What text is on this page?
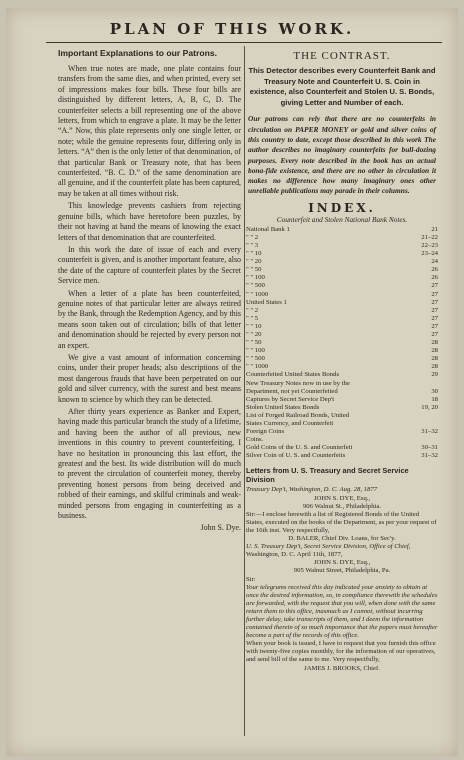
PLAN OF THIS WORK.
Important Explanations to our Patrons.

When true notes are made, one plate contains four transfers from the same dies, and when printed, every set of impressions makes four bills. These four bills are distinguished by different letters, A, B, C, D. The counterfeiter selects a bill representing one of the above letters, from which to engrave a plate. It may be the letter “A.” Now, this plate represents only one single letter, or note; while the genuine represents four, differing only in letters. “A” then is the only letter of that denomination, of that particular Bank or Treasury note, that has been counterfeited. “B. C. D.” of the same denomination are all genuine, and if the counterfeit plate has been captured, may be taken at all times without risk.

This knowledge prevents cashiers from rejecting genuine bills, which have heretofore been puzzles, by their not having at hand the means of knowing the exact letters of that denomination that are counterfeited.

In this work the date of issue of each and every counterfeit is given, and is another important feature, also the date of the capture of counterfeit plates by the Secret Service men.

When a letter of a plate has been counterfeited, genuine notes of that particular letter are always retired by the Bank, through the Redemption Agency, and by this means soon taken out of circulation; bills of that letter and denomination should be rejected by every person not an expert.

We give a vast amount of information concerning coins, under their proper heads; also descriptions of the most dangerous frauds that have been perpetrated on our gold and silver currency, with the surest and best means known to science by which they can be detected.

After thirty years experience as Banker and Expert, having made this particular branch the study of a lifetime, and having been the author of all previous, new inventions in this country to prevent counterfeiting, I have no hesitation in pronouncing this last effort, the greatest and the best. Its wide distribution will do much to prevent the circulation of counterfeit money, thereby preventing honest persons from being deceived and robbed of their earnings, and skilful criminals and weak-minded persons from engaging in counterfeiting as a business.

John S. Dye.
THE CONTRAST.
This Detector describes every Counterfeit Bank and Treasury Note and Counterfeit U. S. Coin in existence, also Counterfeit and Stolen U. S. Bonds, giving Letter and Number of each.
Our patrons can rely that there are no counterfeits in circulation on PAPER MONEY or gold and silver coins of this country to date, except those described in this work The author describes no imaginary counterfeits for bull-dozing purposes. Every note described in the book has an actual bona-fide existence, and there are no other in circulation it makes no difference how many imaginary ones other unreliable publications may parade in their columns.
INDEX.
Counterfeit and Stolen National Bank Notes.
National Bank 1	21
" " 2	21–22
" " 3	22–23
" " 10	23–24
" " 20	24
" " 50	26
" " 100	26
" " 500	27
" " 1000	27
United States 1	27
" " 2	27
" " 5	27
" " 10	27
" " 20	27
" " 50	28
" " 100	28
" " 500	28
" " 1000	28
Counterfeited United States Bonds	29
New Treasury Notes now in use by the
Department, not yet Counterfeited	30
Captures by Secret Service Dep't	18
Stolen United States Bonds	19, 20
List of Forged Railroad Bonds, United
States Currency, and Counterfeit
Foreign Coins	31–32
Coins.
Gold Coins of the U. S. and Counterfeit	30–31
Silver Coin of U. S. and Counterfeits	31–32
Letters from U. S. Treasury and Secret Service Division
Treasury Dep't, Washington, D. C. Aug. 28, 1877
JOHN S. DYE, Esq.,
906 Walnut St., Philadelphia.
Sir:—I enclose herewith a list of Registered Bonds of the United States, executed on the books of the Department, as per your request of the 16th inst. Very respectfully,
D. BALER, Chief Div. Loans, for Sec'y.
U. S. Treasury Dep't, Secret Service Division, Office of Chief,
Washington, D. C. April 11th, 1877,
JOHN S. DYE, Esq.,
905 Walnut Street, Philadelphia, Pa.
Sir:
Your telegrams received this day indicated your anxiety to obtain at once the desired information, so, in compliance therewith the schedules are forwarded, with the request that you will, when done with the same return them to this office, inasmuch as I cannot, without incurring further delay, take transcripts of them, and I deem the information contained therein of so much importance that the papers must hereafter become a part of the records of this office.
When your book is issued, I have to request that you furnish this office with twenty-five copies monthly, for the information of our operatives, and send bill of the same to me. Very respectfully,
JAMES J. BROOKS, Chief.
